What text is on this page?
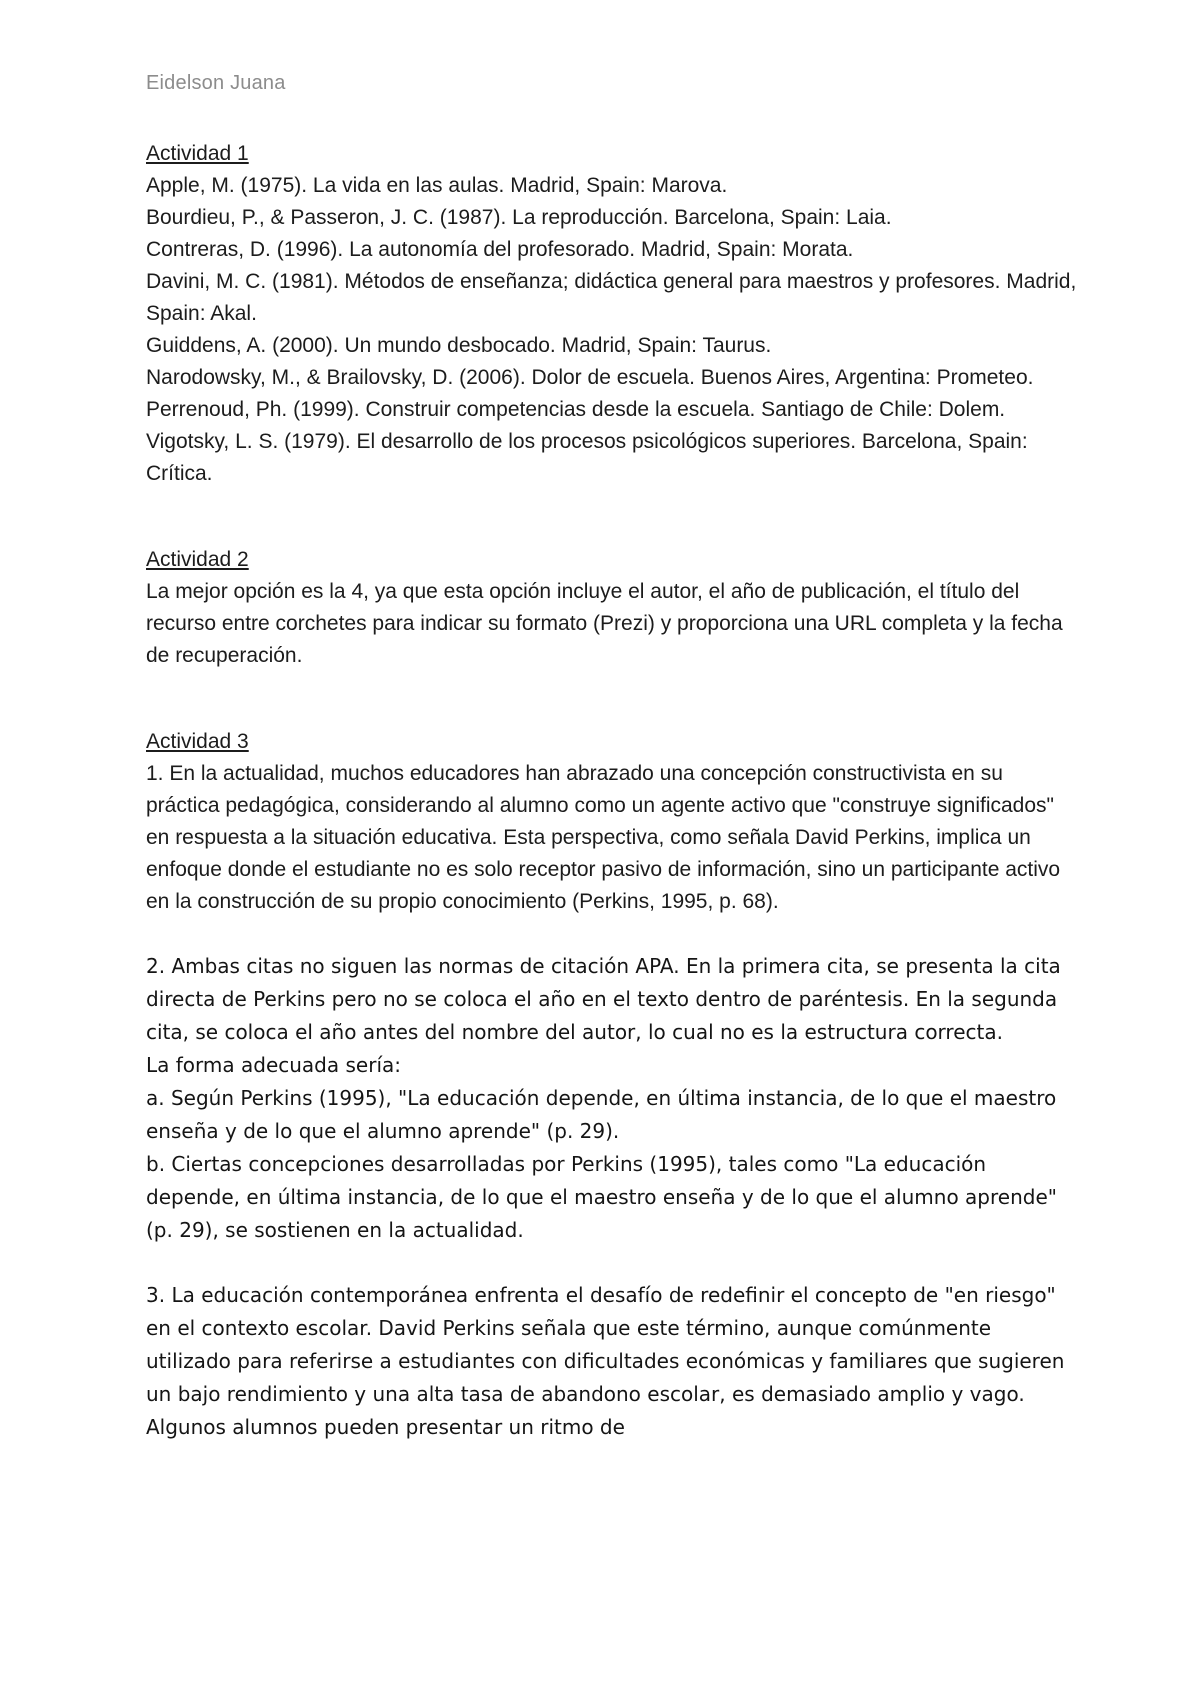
Eidelson Juana

Actividad 1

Apple, M. (1975). La vida en las aulas. Madrid, Spain: Marova.

Bourdieu, P., & Passeron, J. C. (1987). La reproducción. Barcelona, Spain: Laia.

Contreras, D. (1996). La autonomía del profesorado. Madrid, Spain: Morata.

Davini, M. C. (1981). Métodos de enseñanza; didáctica general para maestros y profesores. Madrid, Spain: Akal.

Guiddens, A. (2000). Un mundo desbocado. Madrid, Spain: Taurus.

Narodowsky, M., & Brailovsky, D. (2006). Dolor de escuela. Buenos Aires, Argentina: Prometeo.

Perrenoud, Ph. (1999). Construir competencias desde la escuela. Santiago de Chile: Dolem.

Vigotsky, L. S. (1979). El desarrollo de los procesos psicológicos superiores. Barcelona, Spain: Crítica.

Actividad 2

La mejor opción es la 4, ya que esta opción incluye el autor, el año de publicación, el título del recurso entre corchetes para indicar su formato (Prezi) y proporciona una URL completa y la fecha de recuperación.

Actividad 3

1. En la actualidad, muchos educadores han abrazado una concepción constructivista en su práctica pedagógica, considerando al alumno como un agente activo que "construye significados" en respuesta a la situación educativa. Esta perspectiva, como señala David Perkins, implica un enfoque donde el estudiante no es solo receptor pasivo de información, sino un participante activo en la construcción de su propio conocimiento (Perkins, 1995, p. 68).

2. Ambas citas no siguen las normas de citación APA. En la primera cita, se presenta la cita directa de Perkins pero no se coloca el año en el texto dentro de paréntesis. En la segunda cita, se coloca el año antes del nombre del autor, lo cual no es la estructura correcta.

La forma adecuada sería:

a. Según Perkins (1995), "La educación depende, en última instancia, de lo que el maestro enseña y de lo que el alumno aprende" (p. 29).

b. Ciertas concepciones desarrolladas por Perkins (1995), tales como "La educación depende, en última instancia, de lo que el maestro enseña y de lo que el alumno aprende" (p. 29), se sostienen en la actualidad.

3. La educación contemporánea enfrenta el desafío de redefinir el concepto de "en riesgo" en el contexto escolar. David Perkins señala que este término, aunque comúnmente utilizado para referirse a estudiantes con dificultades económicas y familiares que sugieren un bajo rendimiento y una alta tasa de abandono escolar, es demasiado amplio y vago. Algunos alumnos pueden presentar un ritmo de
